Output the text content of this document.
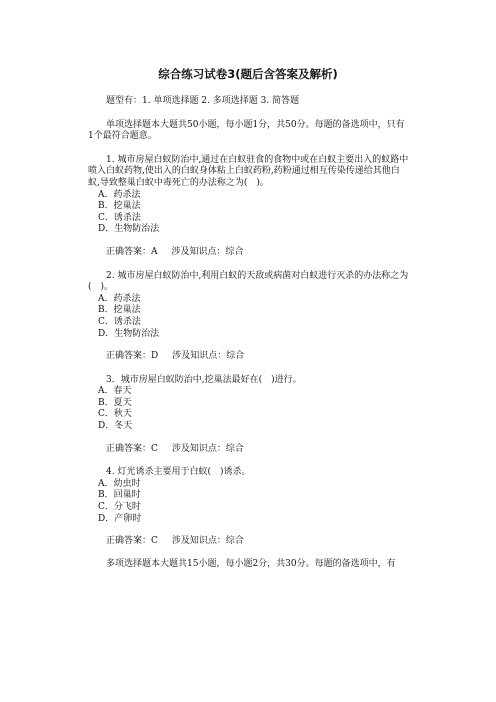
综合练习试卷3(题后含答案及解析)

题型有：1. 单项选择题 2. 多项选择题 3. 简答题

单项选择题本大题共50小题，每小题1分，共50分。每题的备选项中，只有1个最符合题意。

1. 城市房屋白蚁防治中,通过在白蚁驻食的食物中或在白蚁主要出入的蚁路中喷入白蚁药物,使出入的白蚁身体粘上白蚁药粉,药粉通过相互传染传递给其他白蚁,导致整巢白蚁中毒死亡的办法称之为(　)。

A．药杀法

B．挖巢法

C．诱杀法

D．生物防治法

正确答案：A 涉及知识点：综合

2. 城市房屋白蚁防治中,利用白蚁的天敌或病菌对白蚁进行灭杀的办法称之为(　)。

A．药杀法

B．挖巢法

C．诱杀法

D．生物防治法

正确答案：D 涉及知识点：综合

3．城市房屋白蚁防治中,挖巢法最好在(　)进行。

A．春天

B．夏天

C．秋天

D．冬天

正确答案：C 涉及知识点：综合

4. 灯光诱杀主要用于白蚁(　)诱杀。

A．幼虫时

B．回巢时

C．分飞时

D．产卵时

正确答案：C 涉及知识点：综合

多项选择题本大题共15小题，每小题2分，共30分。每题的备选项中，有
